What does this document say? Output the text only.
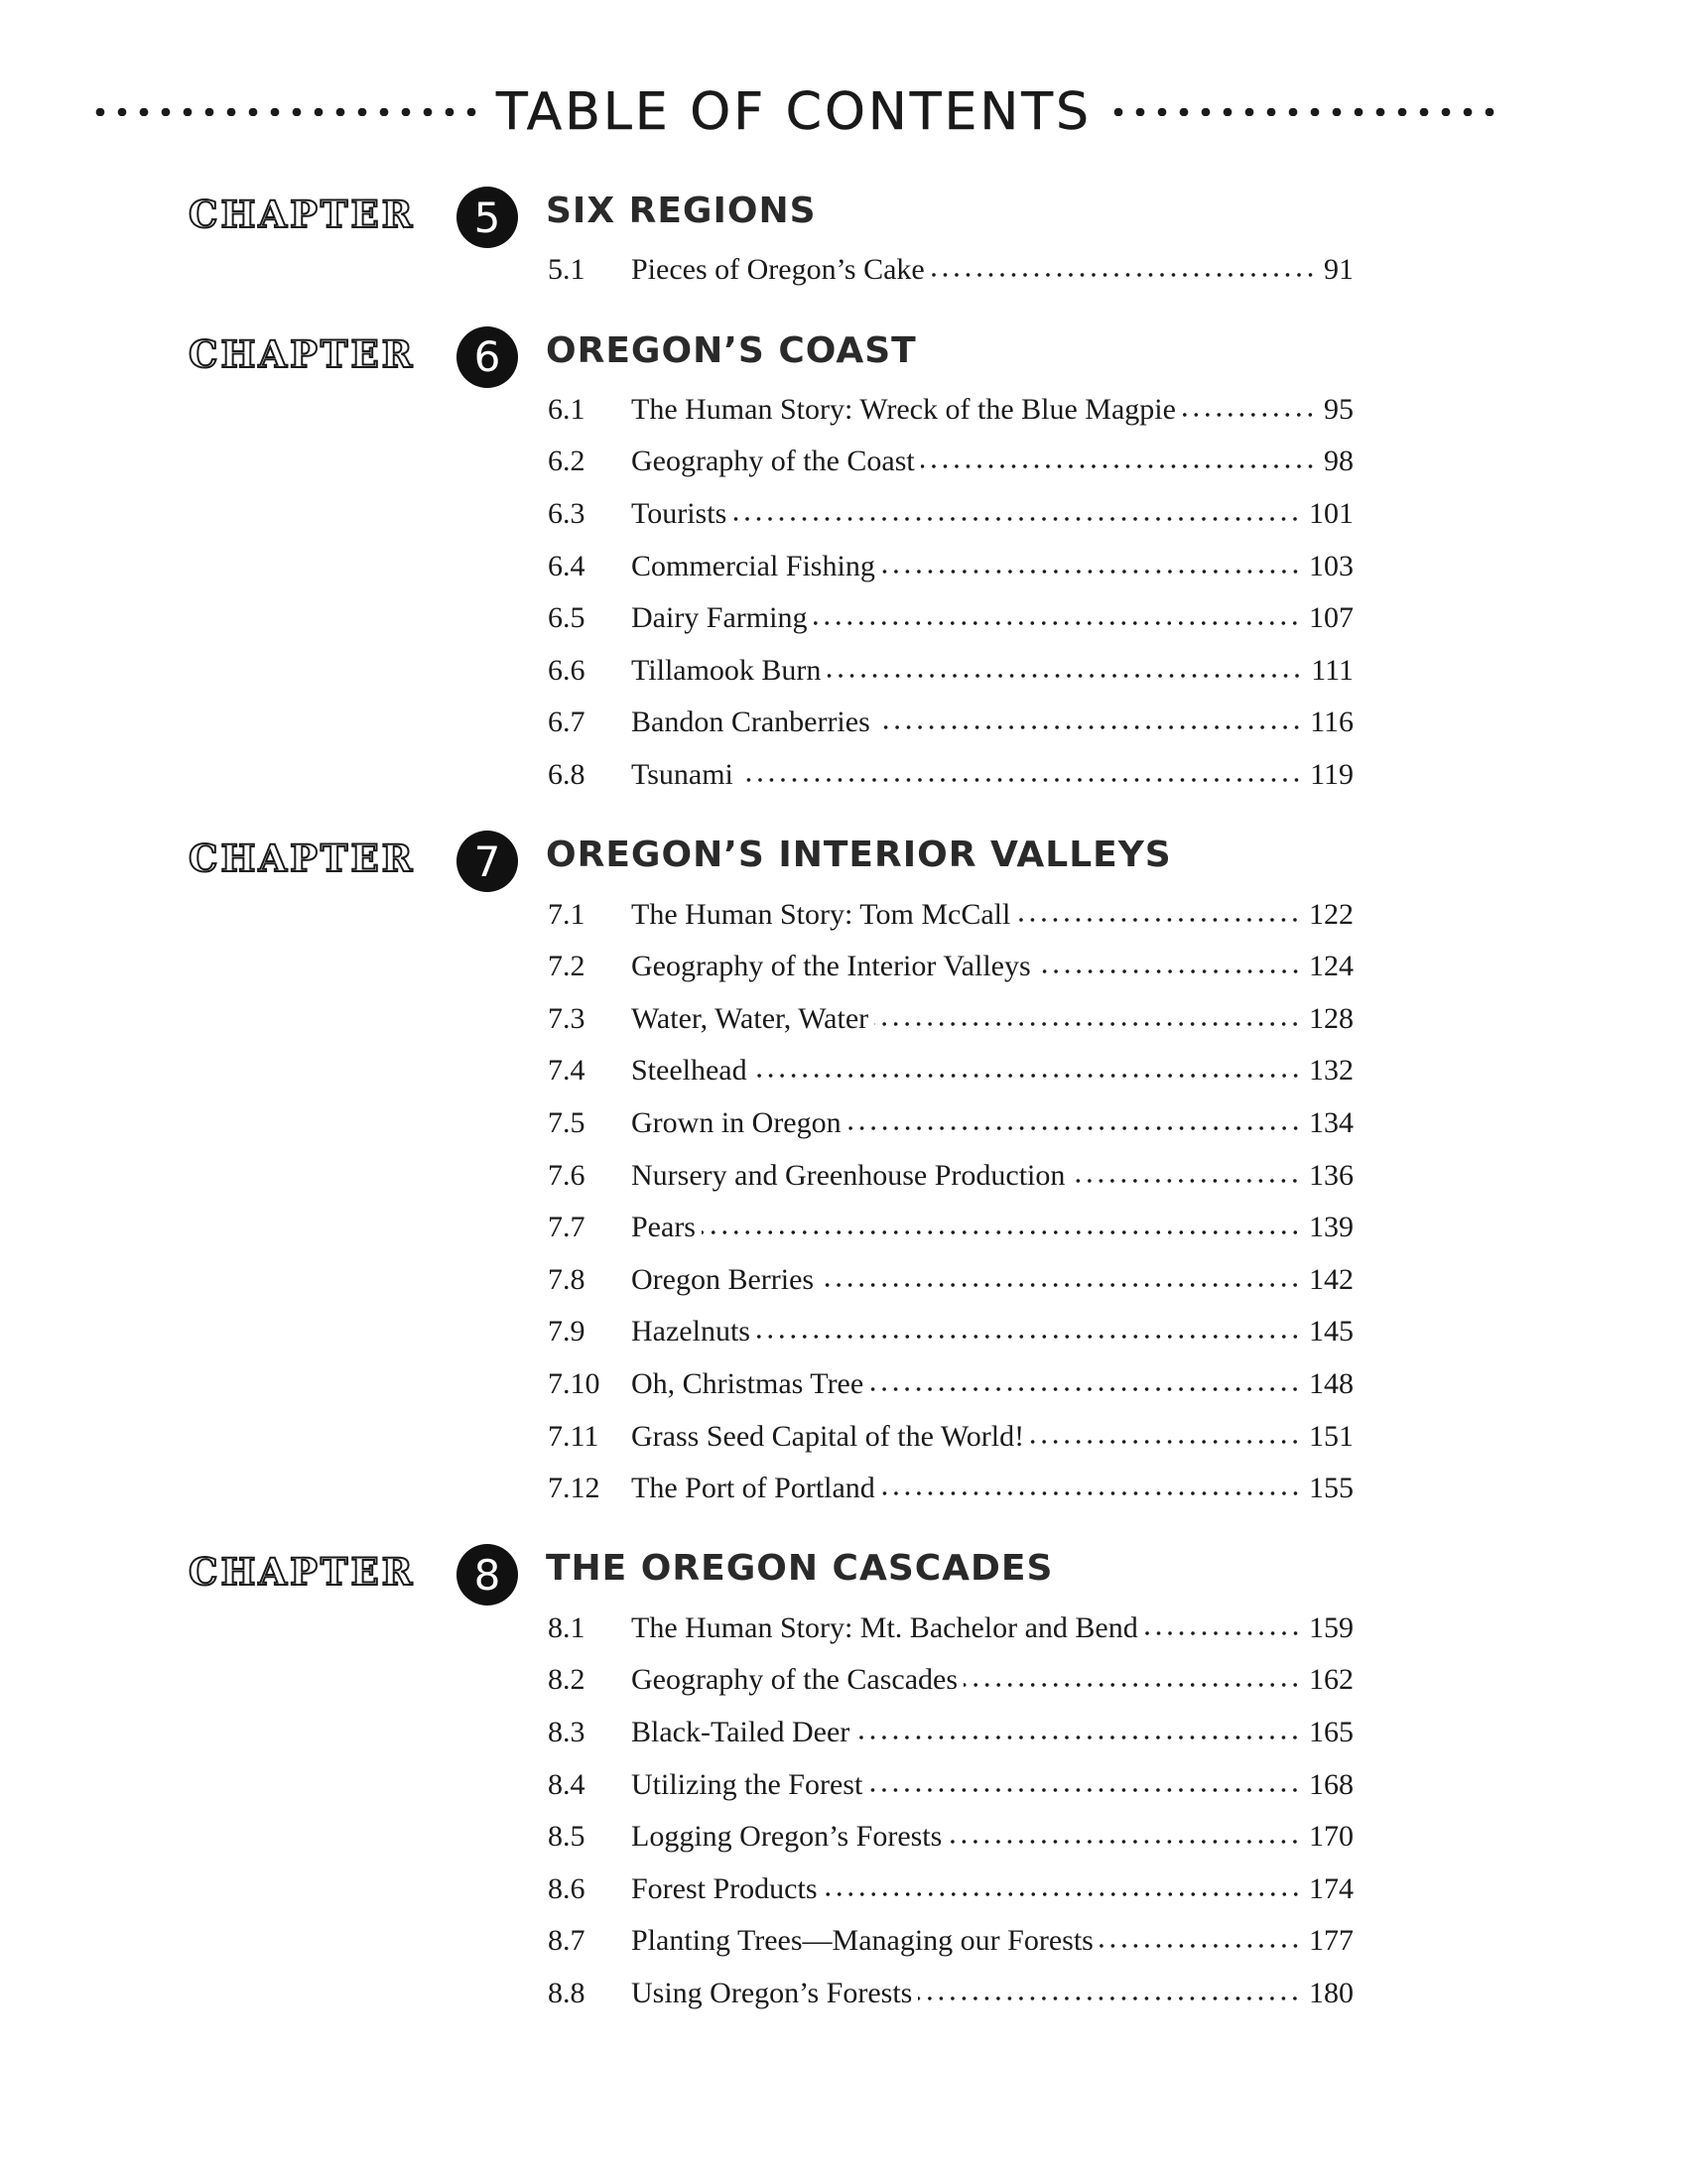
TABLE OF CONTENTS
CHAPTER	5	SIX REGIONS
5.1	Pieces of Oregon’s Cake	91
CHAPTER	6	OREGON’S COAST
6.1	The Human Story: Wreck of the Blue Magpie	95
6.2	Geography of the Coast	98
6.3	Tourists	101
6.4	Commercial Fishing	103
6.5	Dairy Farming	107
6.6	Tillamook Burn	111
6.7	Bandon Cranberries	116
6.8	Tsunami	119
CHAPTER	7	OREGON’S INTERIOR VALLEYS
7.1	The Human Story: Tom McCall	122
7.2	Geography of the Interior Valleys	124
7.3	Water, Water, Water	128
7.4	Steelhead	132
7.5	Grown in Oregon	134
7.6	Nursery and Greenhouse Production	136
7.7	Pears	139
7.8	Oregon Berries	142
7.9	Hazelnuts	145
7.10	Oh, Christmas Tree	148
7.11	Grass Seed Capital of the World!	151
7.12	The Port of Portland	155
CHAPTER	8	THE OREGON CASCADES
8.1	The Human Story: Mt. Bachelor and Bend	159
8.2	Geography of the Cascades	162
8.3	Black-Tailed Deer	165
8.4	Utilizing the Forest	168
8.5	Logging Oregon’s Forests	170
8.6	Forest Products	174
8.7	Planting Trees—Managing our Forests	177
8.8	Using Oregon’s Forests	180
